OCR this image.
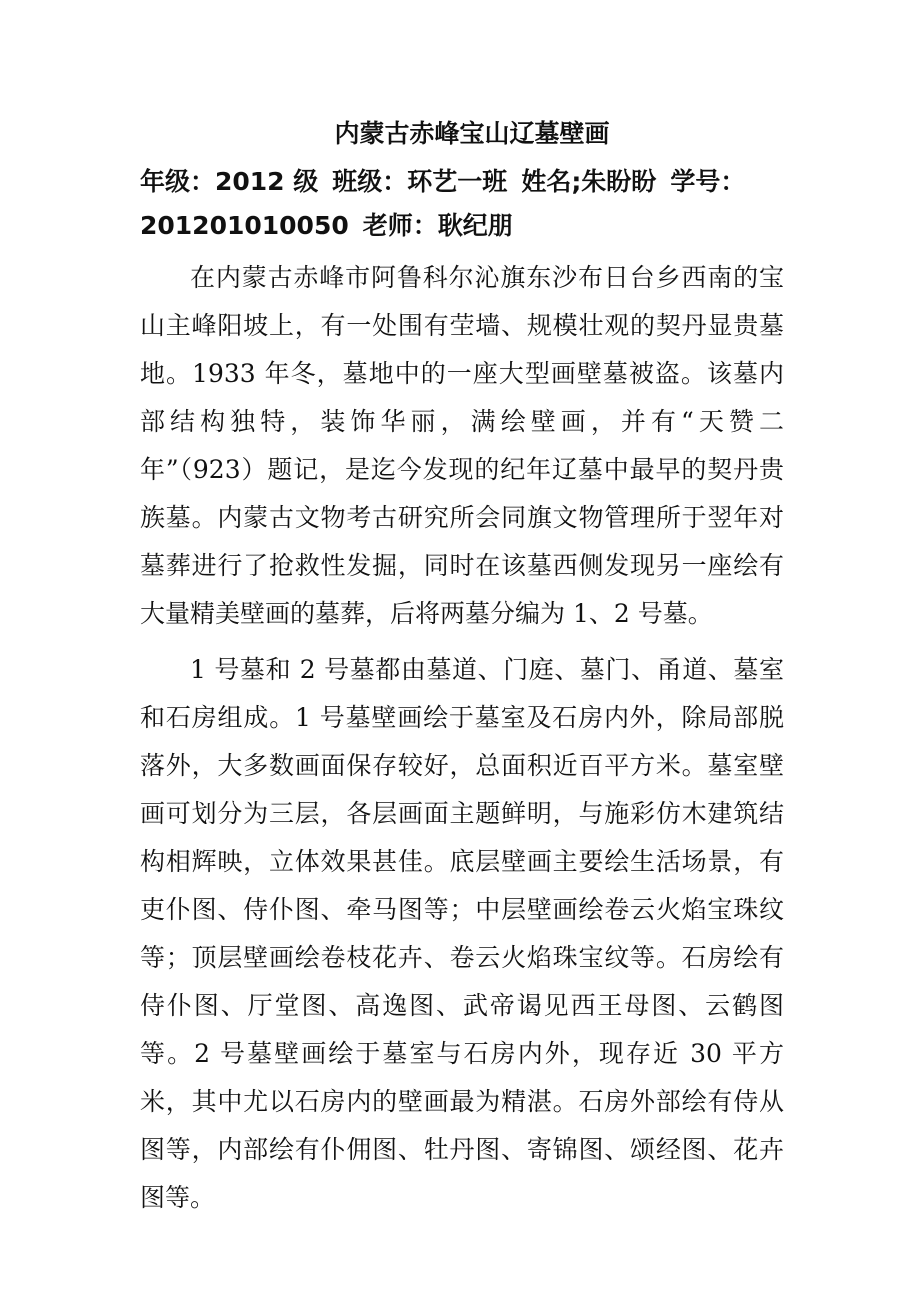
内蒙古赤峰宝山辽墓壁画
年级：2012 级 班级：环艺一班 姓名;朱盼盼 学号：
201201010050 老师：耿纪朋

在内蒙古赤峰市阿鲁科尔沁旗东沙布日台乡西南的宝山主峰阳坡上，有一处围有茔墙、规模壮观的契丹显贵墓地。1933 年冬，墓地中的一座大型画壁墓被盗。该墓内部结构独特，装饰华丽，满绘壁画，并有“天赞二年”（923）题记，是迄今发现的纪年辽墓中最早的契丹贵族墓。内蒙古文物考古研究所会同旗文物管理所于翌年对墓葬进行了抢救性发掘，同时在该墓西侧发现另一座绘有大量精美壁画的墓葬，后将两墓分编为 1、2 号墓。

1 号墓和 2 号墓都由墓道、门庭、墓门、甬道、墓室和石房组成。1 号墓壁画绘于墓室及石房内外，除局部脱落外，大多数画面保存较好，总面积近百平方米。墓室壁画可划分为三层，各层画面主题鲜明，与施彩仿木建筑结构相辉映，立体效果甚佳。底层壁画主要绘生活场景，有吏仆图、侍仆图、牵马图等；中层壁画绘卷云火焰宝珠纹等；顶层壁画绘卷枝花卉、卷云火焰珠宝纹等。石房绘有侍仆图、厅堂图、高逸图、武帝谒见西王母图、云鹤图等。2 号墓壁画绘于墓室与石房内外，现存近 30 平方米，其中尤以石房内的壁画最为精湛。石房外部绘有侍从图等，内部绘有仆佣图、牡丹图、寄锦图、颂经图、花卉图等。
